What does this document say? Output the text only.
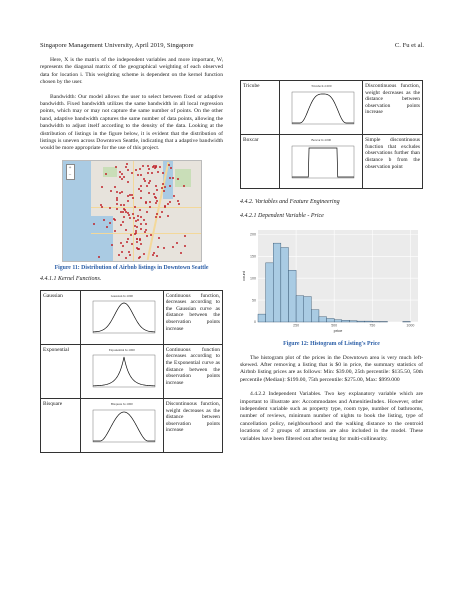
Singapore Management University, April 2019, Singapore	C. Fu et al.

Here, X is the matrix of the independent variables and more important, Wᵢ represents the diagonal matrix of the geographical weighting of each observed data for location i. This weighting scheme is dependent on the kernel function chosen by the user.

Bandwidth: Our model allows the user to select between fixed or adaptive bandwidth. Fixed bandwidth utilizes the same bandwidth in all local regression points, which may or may not capture the same number of points. On the other hand, adaptive bandwidth captures the same number of data points, allowing the bandwidth to adjust itself according to the density of the data. Looking at the distribution of listings in the figure below, it is evident that the distribution of listings is uneven across Downtown Seattle, indicating that a adaptive bandwidth would be more appropriate for the use of this project.

+
−
Figure 11: Distribution of Airbnb listings in Downtown Seattle
4.4.1.1 Kernel Functions.
Gaussian	Gaussian h=1000	Continuous function, decreases according to the Gaussian curve as distance between the observation points increase
Exponential	Exponential h=1000	Continuous function decreases according to the Exponential curve as distance between the observation points increase
Bisquare	Bisquare h=1000	Discontinuous function, weight decreases as the distance between observation points increase
Tricube	Tricube h=1000	Discontinuous function, weight decreases as the distance between observation points increase
Boxcar	Boxcar h=1000	Simple discontinuous function that excludes observations further than distance b from the observation point
4.4.2. Variables and Feature Engineering
4.4.2.1 Dependent Variable - Price
0
50
100
150
200
250	500	750	1000
price
count
Figure 12: Histogram of Listing's Price

The histogram plot of the prices in the Downtown area is very much left-skewed. After removing a listing that is $0 in price, the summary statistics of Airbnb listing prices are as follows: Min: $39.00, 25th percentile: $135.50, 50th percentile (Median): $199.00, 75th percentile: $275.00, Max: $999.000

4.4.2.2 Independent Variables. Two key explanatory variable which are important to illustrate are: Accommodates and AmenitiesIndex. However, other independent variable such as property type, room type, number of bathrooms, number of reviews, minimum number of nights to book the listing, type of cancellation policy, neighbourhood and the walking distance to the centroid locations of 2 groups of attractions are also included in the model. These variables have been filtered out after testing for multi-collinearity.
